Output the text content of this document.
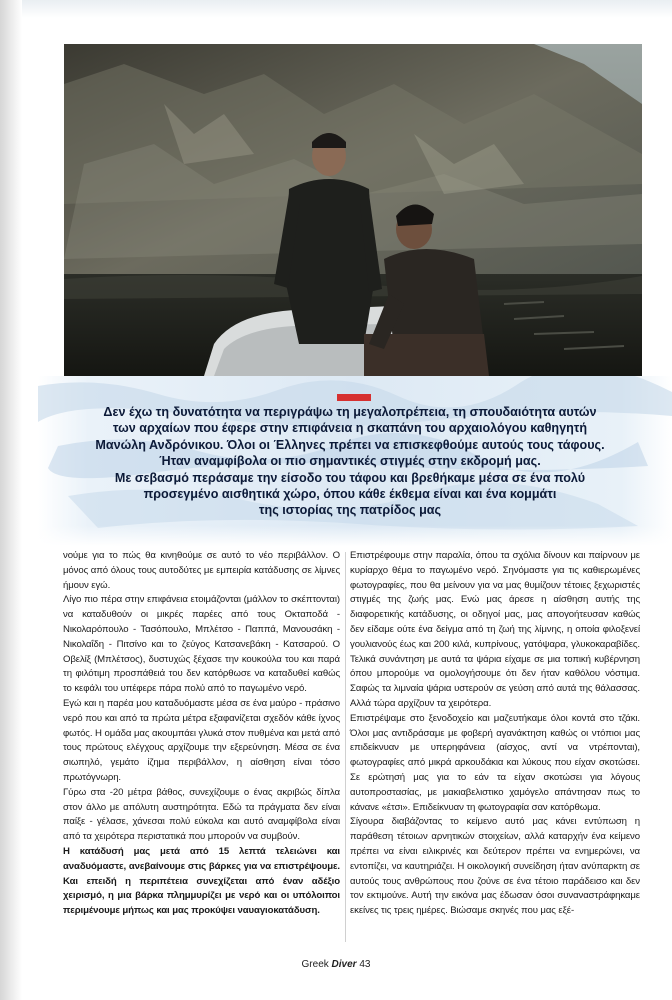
Δεν έχω τη δυνατότητα να περιγράψω τη μεγαλοπρέπεια, τη σπουδαιότητα αυτών
των αρχαίων που έφερε στην επιφάνεια η σκαπάνη του αρχαιολόγου καθηγητή
Μανώλη Ανδρόνικου. Όλοι οι Έλληνες πρέπει να επισκεφθούμε αυτούς τους τάφους.
Ήταν αναμφίβολα οι πιο σημαντικές στιγμές στην εκδρομή μας.
Με σεβασμό περάσαμε την είσοδο του τάφου και βρεθήκαμε μέσα σε ένα πολύ
προσεγμένο αισθητικά χώρο, όπου κάθε έκθεμα είναι και ένα κομμάτι
της ιστορίας της πατρίδος μας

νούμε για το πώς θα κινηθούμε σε αυτό το νέο περιβάλλον. Ο μόνος από όλους τους αυτοδύτες με εμπειρία κατάδυσης σε λίμνες ήμουν εγώ.

Λίγο πιο πέρα στην επιφάνεια ετοιμάζονται (μάλλον το σκέπτονται) να καταδυθούν οι μικρές παρέες από τους Οκταποδά - Νικολαρόπουλο - Τασόπουλο, Μπλέτσο - Παππά, Μανουσάκη - Νικολαΐδη - Πιτσίνο και το ζεύγος Κατσανεβάκη - Κατσαρού. Ο Οβελίξ (Μπλέτσος), δυστυχώς ξέχασε την κουκούλα του και παρά τη φιλότιμη προσπάθειά του δεν κατόρθωσε να καταδυθεί καθώς το κεφάλι του υπέφερε πάρα πολύ από το παγωμένο νερό.

Εγώ και η παρέα μου καταδυόμαστε μέσα σε ένα μαύρο - πράσινο νερό που και από τα πρώτα μέτρα εξαφανίζεται σχεδόν κάθε ίχνος φωτός. Η ομάδα μας ακουμπάει γλυκά στον πυθμένα και μετά από τους πρώτους ελέγχους αρχίζουμε την εξερεύνηση. Μέσα σε ένα σιωπηλό, γεμάτο ίζημα περιβάλλον, η αίσθηση είναι τόσο πρωτόγνωρη.

Γύρω στα -20 μέτρα βάθος, συνεχίζουμε ο ένας ακριβώς δίπλα στον άλλο με απόλυτη αυστηρότητα. Εδώ τα πράγματα δεν είναι παίξε - γέλασε, χάνεσαι πολύ εύκολα και αυτό αναμφίβολα είναι από τα χειρότερα περιστατικά που μπορούν να συμβούν.

Η κατάδυσή μας μετά από 15 λεπτά τελειώνει και αναδυόμαστε, ανεβαίνουμε στις βάρκες για να επιστρέψουμε. Και επειδή η περιπέτεια συνεχίζεται από έναν αδέξιο χειρισμό, η μια βάρκα πλημμυρίζει με νερό και οι υπόλοιποι περιμένουμε μήπως και μας προκύψει ναυαγιοκατάδυση.

Επιστρέφουμε στην παραλία, όπου τα σχόλια δίνουν και παίρνουν με κυρίαρχο θέμα το παγωμένο νερό. Σηνόμαστε για τις καθιερωμένες φωτογραφίες, που θα μείνουν για να μας θυμίζουν τέτοιες ξεχωριστές στιγμές της ζωής μας. Ενώ μας άρεσε η αίσθηση αυτής της διαφορετικής κατάδυσης, οι οδηγοί μας, μας απογοήτευσαν καθώς δεν είδαμε ούτε ένα δείγμα από τη ζωή της λίμνης, η οποία φιλοξενεί γουλιανούς έως και 200 κιλά, κυπρίνους, γατόψαρα, γλυκοκαραβίδες. Τελικά συνάντηση με αυτά τα ψάρια είχαμε σε μια τοπική κυβέρνηση όπου μπορούμε να ομολογήσουμε ότι δεν ήταν καθόλου νόστιμα. Σαφώς τα λιμναία ψάρια υστερούν σε γεύση από αυτά της θάλασσας. Αλλά τώρα αρχίζουν τα χειρότερα.

Επιστρέψαμε στο ξενοδοχείο και μαζευτήκαμε όλοι κοντά στο τζάκι. Όλοι μας αντιδράσαμε με φοβερή αγανάκτηση καθώς οι ντόπιοι μας επιδείκνυαν με υπερηφάνεια (αίσχος, αντί να ντρέπονται), φωτογραφίες από μικρά αρκουδάκια και λύκους που είχαν σκοτώσει. Σε ερώτησή μας για το εάν τα είχαν σκοτώσει για λόγους αυτοπροστασίας, με μακιαβελιστικο χαμόγελο απάντησαν πως το κάνανε «έτσι». Επιδείκνυαν τη φωτογραφία σαν κατόρθωμα.

Σίγουρα διαβάζοντας το κείμενο αυτό μας κάνει εντύπωση η παράθεση τέτοιων αρνητικών στοιχείων, αλλά καταρχήν ένα κείμενο πρέπει να είναι ειλικρινές και δεύτερον πρέπει να ενημερώνει, να εντοπίζει, να καυτηριάζει. Η οικολογική συνείδηση ήταν ανύπαρκτη σε αυτούς τους ανθρώπους που ζούνε σε ένα τέτοιο παράδεισο και δεν τον εκτιμούνε. Αυτή την εικόνα μας έδωσαν όσοι συναναστράφηκαμε εκείνες τις τρεις ημέρες. Βιώσαμε σκηνές που μας εξέ-

Greek Diver 43
